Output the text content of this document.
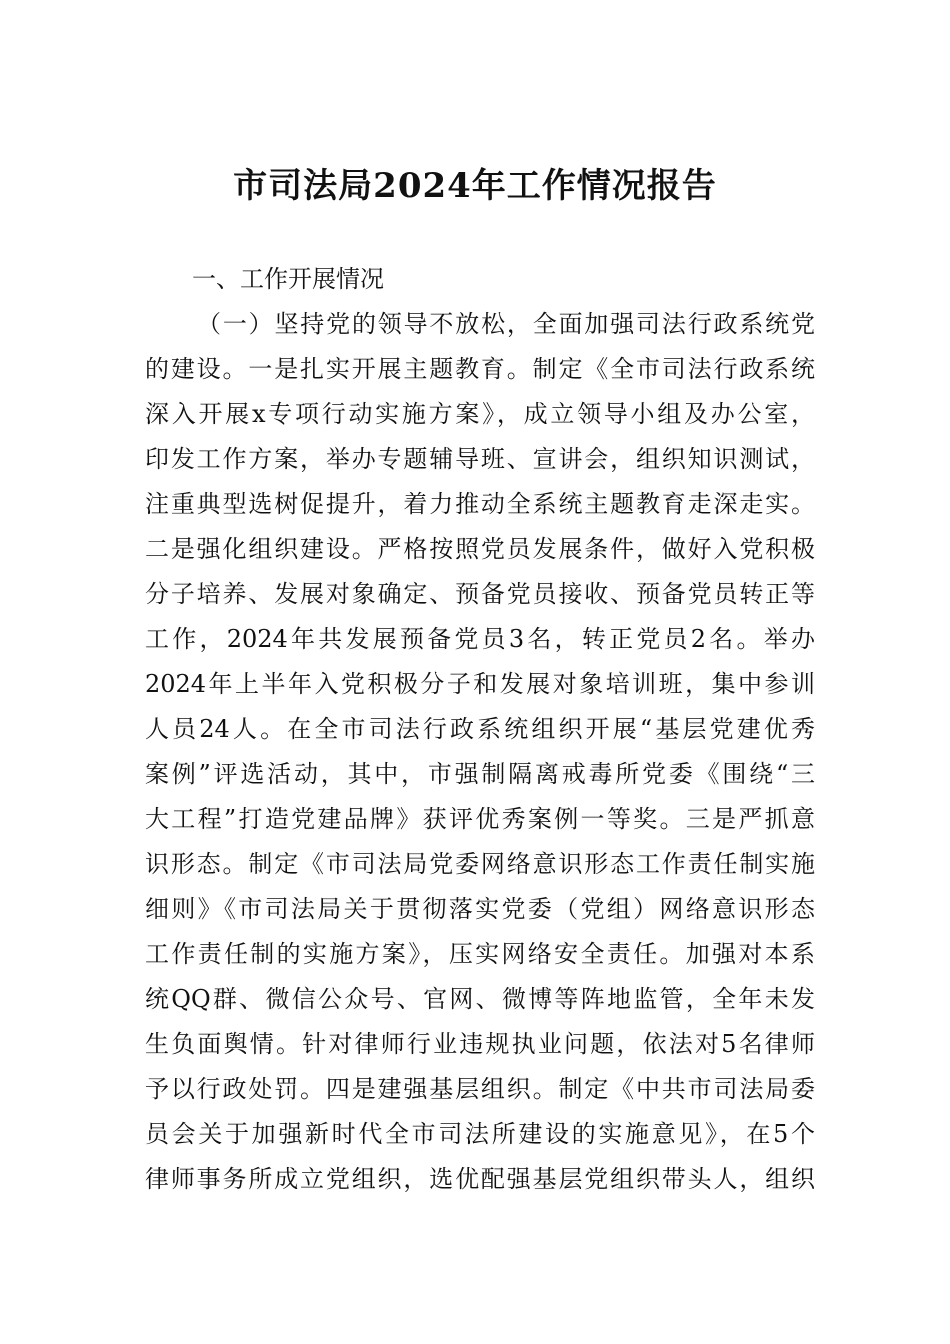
市司法局2024年工作情况报告
一、工作开展情况
（一）坚持党的领导不放松，全面加强司法行政系统党
的建设。一是扎实开展主题教育。制定《全市司法行政系统
深入开展x专项行动实施方案》，成立领导小组及办公室，
印发工作方案，举办专题辅导班、宣讲会，组织知识测试，
注重典型选树促提升，着力推动全系统主题教育走深走实。
二是强化组织建设。严格按照党员发展条件，做好入党积极
分子培养、发展对象确定、预备党员接收、预备党员转正等
工作，2024年共发展预备党员3名，转正党员2名。举办
2024年上半年入党积极分子和发展对象培训班，集中参训
人员24人。在全市司法行政系统组织开展“基层党建优秀
案例”评选活动，其中，市强制隔离戒毒所党委《围绕“三
大工程”打造党建品牌》获评优秀案例一等奖。三是严抓意
识形态。制定《市司法局党委网络意识形态工作责任制实施
细则》《市司法局关于贯彻落实党委（党组）网络意识形态
工作责任制的实施方案》，压实网络安全责任。加强对本系
统QQ群、微信公众号、官网、微博等阵地监管，全年未发
生负面舆情。针对律师行业违规执业问题，依法对5名律师
予以行政处罚。四是建强基层组织。制定《中共市司法局委
员会关于加强新时代全市司法所建设的实施意见》，在5个
律师事务所成立党组织，选优配强基层党组织带头人，组织
